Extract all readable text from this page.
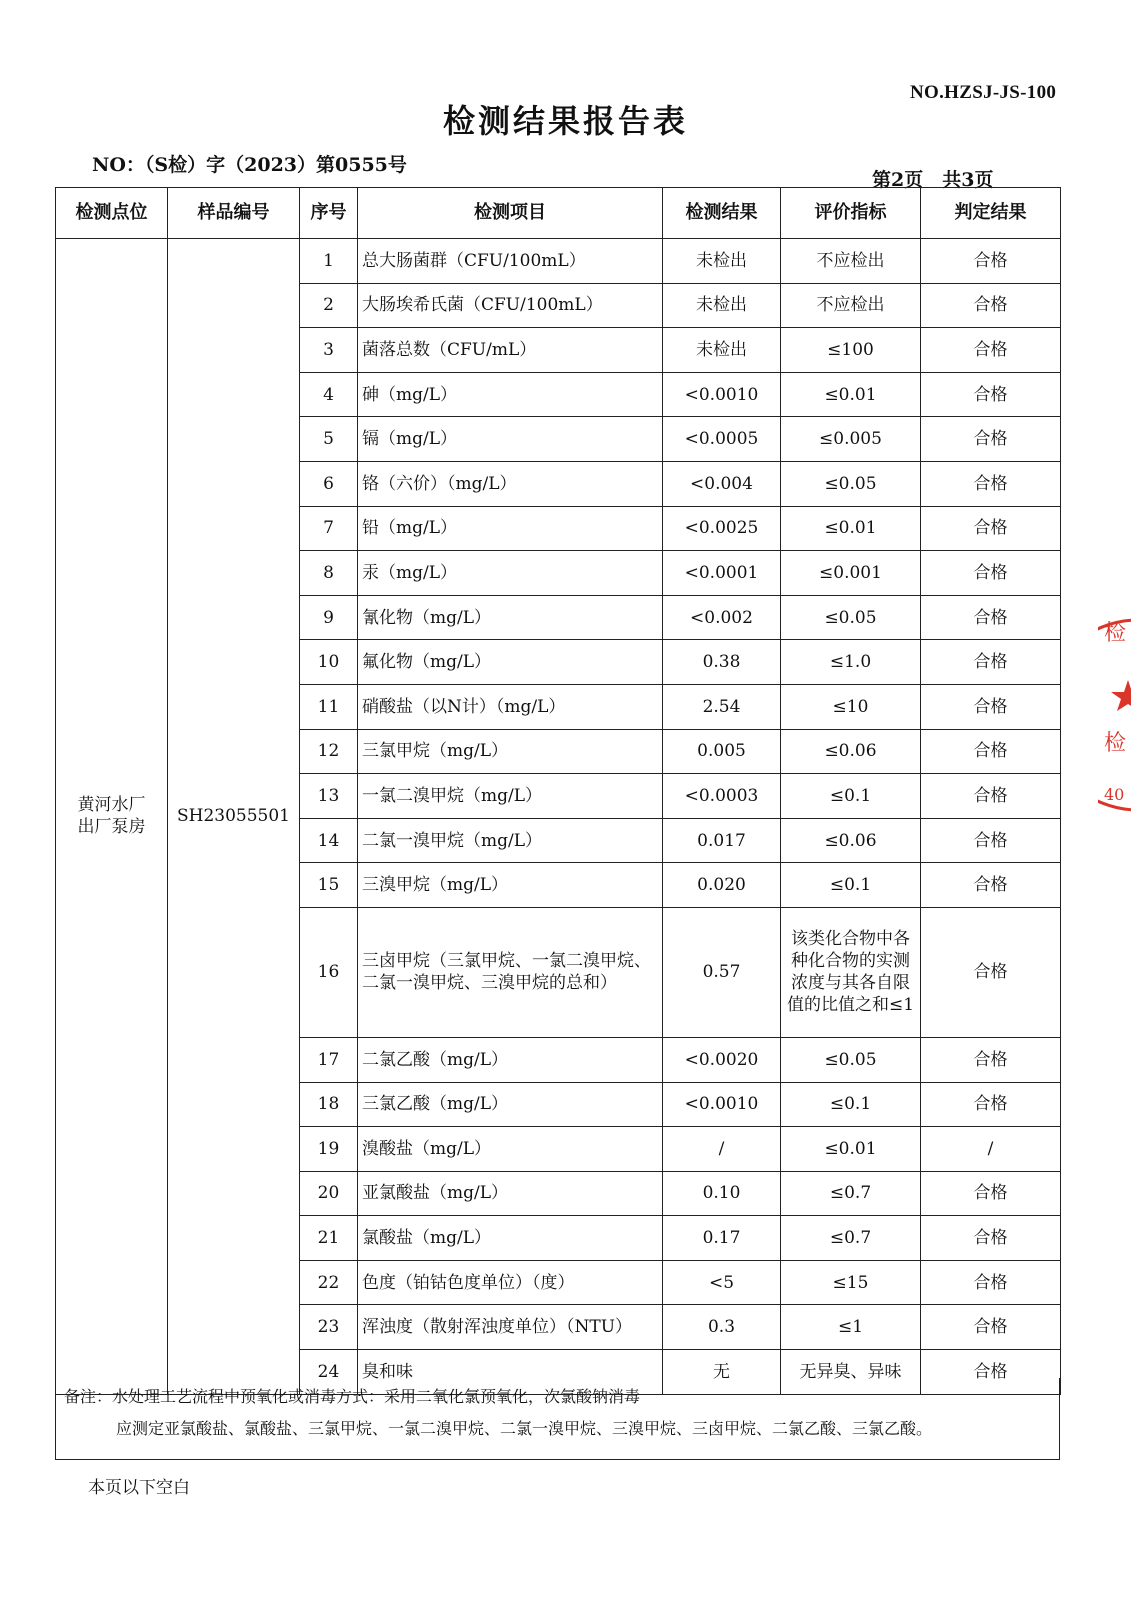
NO.HZSJ-JS-100
检测结果报告表
NO：（S检）字（2023）第0555号
第2页　共3页
检测点位	样品编号	序号	检测项目	检测结果	评价指标	判定结果

黄河水厂
出厂泵房	SH23055501	1	总大肠菌群（CFU/100mL）	未检出	不应检出	合格
		2	大肠埃希氏菌（CFU/100mL）	未检出	不应检出	合格
		3	菌落总数（CFU/mL）	未检出	≤100	合格
		4	砷（mg/L）	<0.0010	≤0.01	合格
		5	镉（mg/L）	<0.0005	≤0.005	合格
		6	铬（六价）（mg/L）	<0.004	≤0.05	合格
		7	铅（mg/L）	<0.0025	≤0.01	合格
		8	汞（mg/L）	<0.0001	≤0.001	合格
		9	氰化物（mg/L）	<0.002	≤0.05	合格
		10	氟化物（mg/L）	0.38	≤1.0	合格
		11	硝酸盐（以N计）（mg/L）	2.54	≤10	合格
		12	三氯甲烷（mg/L）	0.005	≤0.06	合格
		13	一氯二溴甲烷（mg/L）	<0.0003	≤0.1	合格
		14	二氯一溴甲烷（mg/L）	0.017	≤0.06	合格
		15	三溴甲烷（mg/L）	0.020	≤0.1	合格
		16	三卤甲烷（三氯甲烷、一氯二溴甲烷、二氯一溴甲烷、三溴甲烷的总和）	0.57	该类化合物中各种化合物的实测浓度与其各自限值的比值之和≤1	合格
		17	二氯乙酸（mg/L）	<0.0020	≤0.05	合格
		18	三氯乙酸（mg/L）	<0.0010	≤0.1	合格
		19	溴酸盐（mg/L）	/	≤0.01	/
		20	亚氯酸盐（mg/L）	0.10	≤0.7	合格
		21	氯酸盐（mg/L）	0.17	≤0.7	合格
		22	色度（铂钴色度单位）（度）	<5	≤15	合格
		23	浑浊度（散射浑浊度单位）（NTU）	0.3	≤1	合格
		24	臭和味	无	无异臭、异味	合格
备注：水处理工艺流程中预氧化或消毒方式：采用二氧化氯预氧化，次氯酸钠消毒
应测定亚氯酸盐、氯酸盐、三氯甲烷、一氯二溴甲烷、二氯一溴甲烷、三溴甲烷、三卤甲烷、二氯乙酸、三氯乙酸。
本页以下空白
检
检
40
